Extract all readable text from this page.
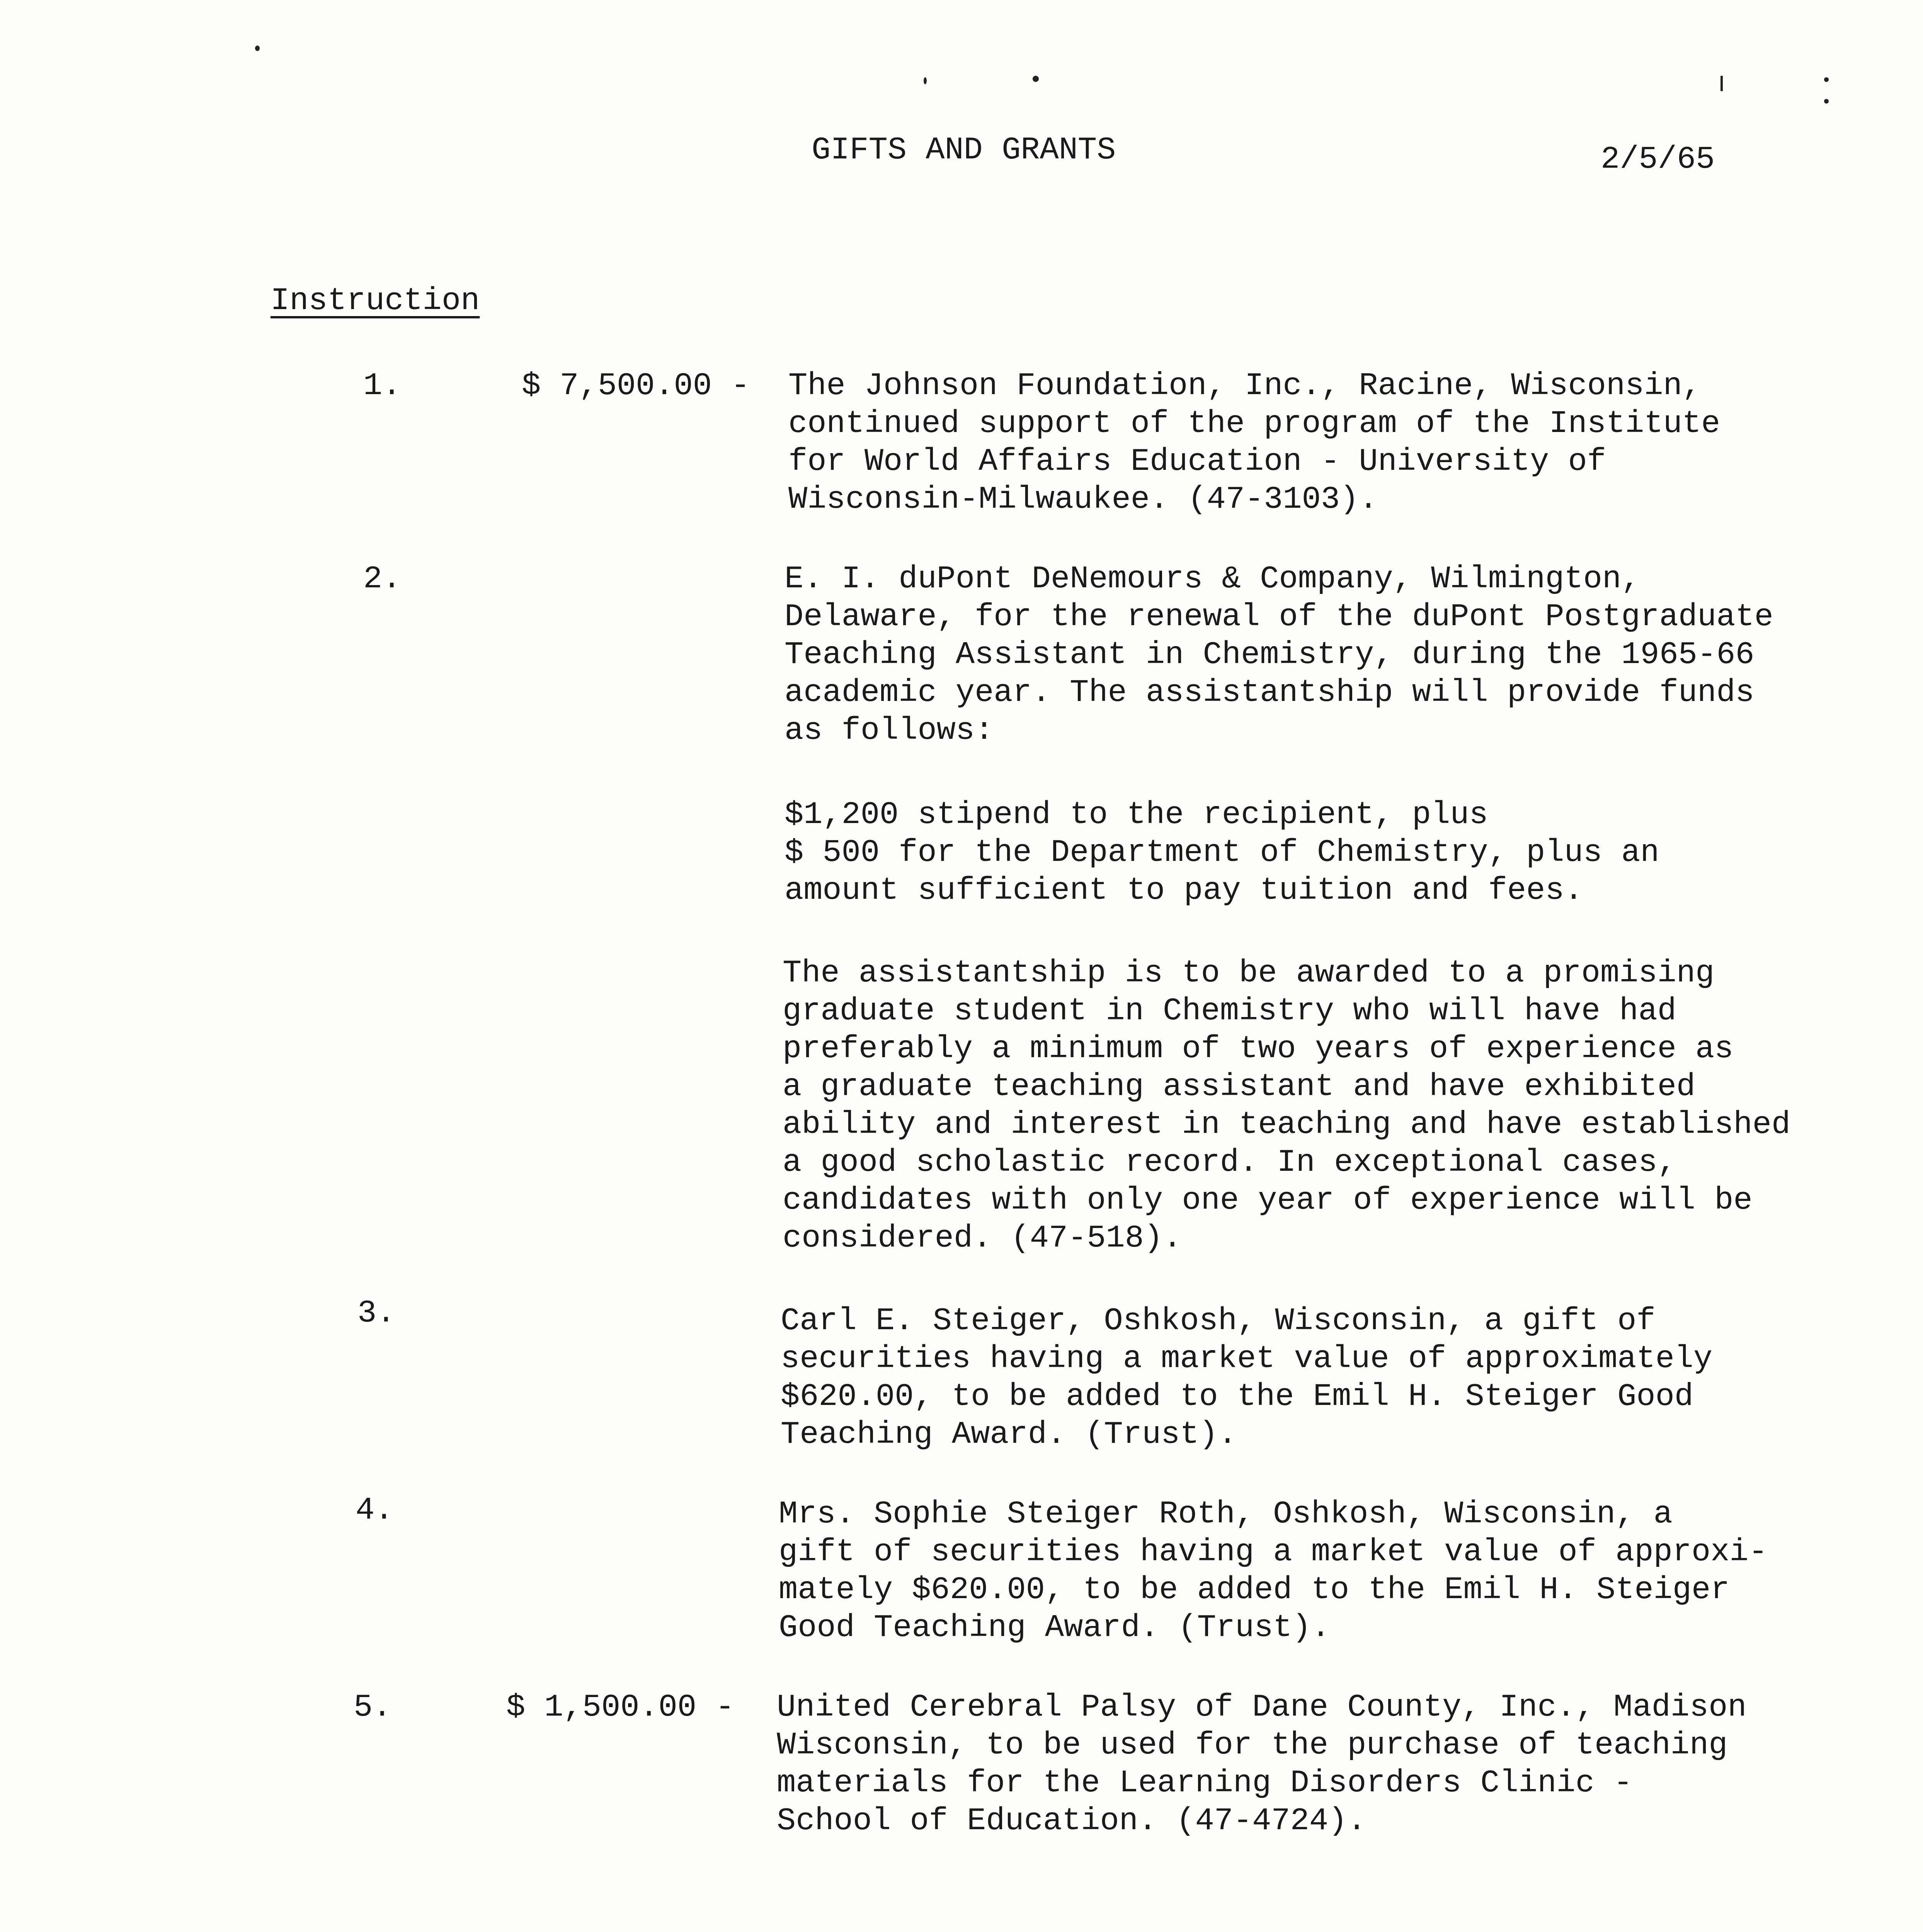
GIFTS AND GRANTS	2/5/65
Instruction
1.	$ 7,500.00 - The Johnson Foundation, Inc., Racine, Wisconsin,
continued support of the program of the Institute
for World Affairs Education - University of
Wisconsin-Milwaukee. (47-3103).
2.	E. I. duPont DeNemours & Company, Wilmington,
Delaware, for the renewal of the duPont Postgraduate
Teaching Assistant in Chemistry, during the 1965-66
academic year. The assistantship will provide funds
as follows:
$1,200 stipend to the recipient, plus
$ 500 for the Department of Chemistry, plus an
amount sufficient to pay tuition and fees.
The assistantship is to be awarded to a promising
graduate student in Chemistry who will have had
preferably a minimum of two years of experience as
a graduate teaching assistant and have exhibited
ability and interest in teaching and have established
a good scholastic record. In exceptional cases,
candidates with only one year of experience will be
considered. (47-518).
3.	Carl E. Steiger, Oshkosh, Wisconsin, a gift of
securities having a market value of approximately
$620.00, to be added to the Emil H. Steiger Good
Teaching Award. (Trust).
4.	Mrs. Sophie Steiger Roth, Oshkosh, Wisconsin, a
gift of securities having a market value of approxi-
mately $620.00, to be added to the Emil H. Steiger
Good Teaching Award. (Trust).
5.	$ 1,500.00 - United Cerebral Palsy of Dane County, Inc., Madison
Wisconsin, to be used for the purchase of teaching
materials for the Learning Disorders Clinic -
School of Education. (47-4724).
